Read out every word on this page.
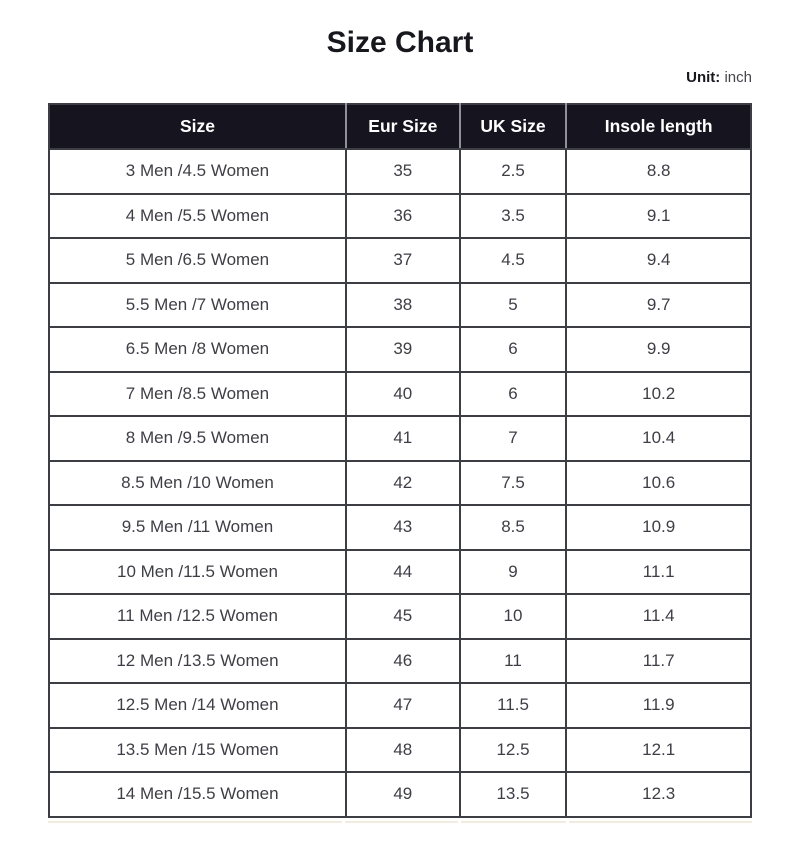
Size Chart

Unit: inch

Size	Eur Size	UK Size	Insole length
3 Men /4.5 Women	35	2.5	8.8
4 Men /5.5 Women	36	3.5	9.1
5 Men /6.5 Women	37	4.5	9.4
5.5 Men /7 Women	38	5	9.7
6.5 Men /8 Women	39	6	9.9
7 Men /8.5 Women	40	6	10.2
8 Men /9.5 Women	41	7	10.4
8.5 Men /10 Women	42	7.5	10.6
9.5 Men /11 Women	43	8.5	10.9
10 Men /11.5 Women	44	9	11.1
11 Men /12.5 Women	45	10	11.4
12 Men /13.5 Women	46	11	11.7
12.5 Men /14 Women	47	11.5	11.9
13.5 Men /15 Women	48	12.5	12.1
14 Men /15.5 Women	49	13.5	12.3
